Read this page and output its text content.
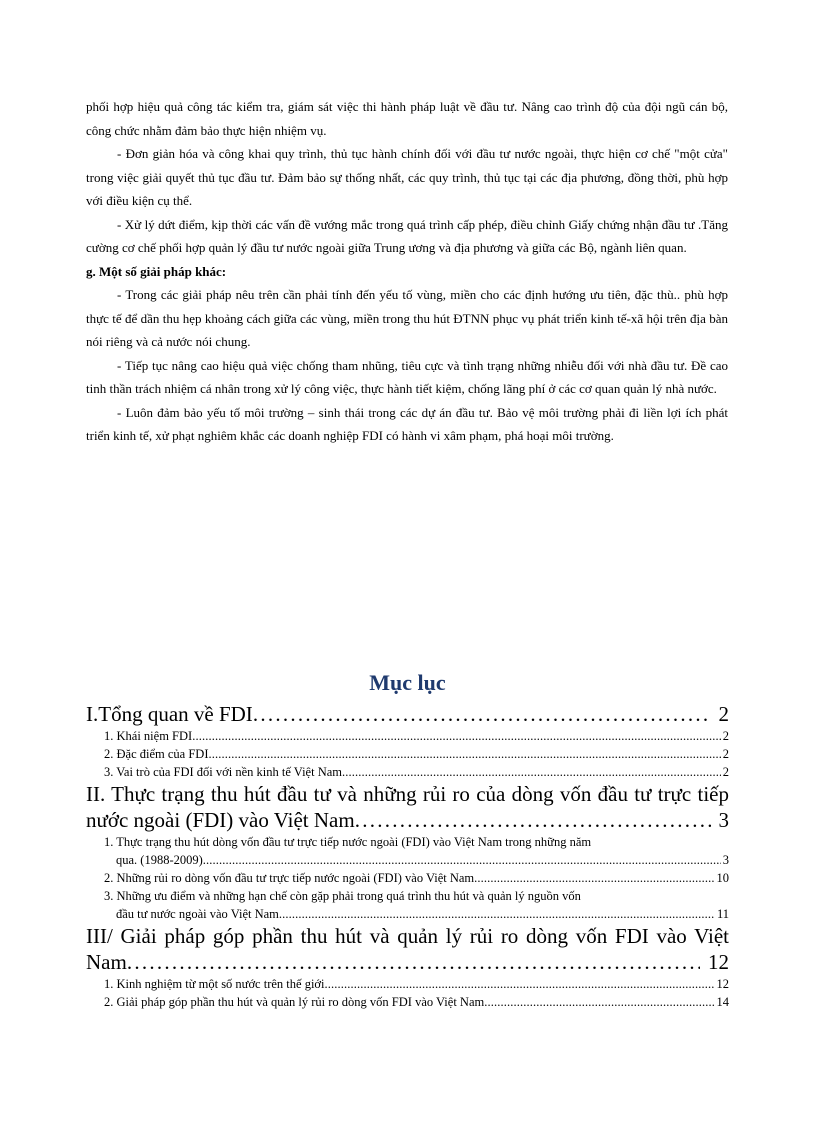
phối hợp hiệu quả công tác kiểm tra, giám sát việc thi hành pháp luật về đầu tư. Nâng cao trình độ của đội ngũ cán bộ, công chức nhằm đảm bảo thực hiện nhiệm vụ.

- Đơn giản hóa và công khai quy trình, thủ tục hành chính đối với đầu tư nước ngoài, thực hiện cơ chế "một cửa" trong việc giải quyết thủ tục đầu tư. Đảm bảo sự thống nhất, các quy trình, thủ tục tại các địa phương, đồng thời, phù hợp với điều kiện cụ thể.

- Xử lý dứt điểm, kịp thời các vấn đề vướng mắc trong quá trình cấp phép, điều chỉnh Giấy chứng nhận đầu tư .Tăng cường cơ chế phối hợp quản lý đầu tư nước ngoài giữa Trung ương và địa phương và giữa các Bộ, ngành liên quan.

g. Một số giải pháp khác:

- Trong các giải pháp nêu trên cần phải tính đến yếu tố vùng, miền cho các định hướng ưu tiên, đặc thù.. phù hợp thực tế để dần thu hẹp khoảng cách giữa các vùng, miền trong thu hút ĐTNN phục vụ phát triển kinh tế-xã hội trên địa bàn nói riêng và cả nước nói chung.

- Tiếp tục nâng cao hiệu quả việc chống tham nhũng, tiêu cực và tình trạng những nhiễu đối với nhà đầu tư. Đề cao tinh thần trách nhiệm cá nhân trong xử lý công việc, thực hành tiết kiệm, chống lãng phí ở các cơ quan quản lý nhà nước.

- Luôn đảm bảo yếu tố môi trường – sinh thái trong các dự án đầu tư. Bảo vệ môi trường phải đi liền lợi ích phát triển kinh tế, xử phạt nghiêm khắc các doanh nghiệp FDI có hành vi xâm phạm, phá hoại môi trường.

Mục lục
I.Tổng quan về FDI . . .	2
1. Khái niệm FDI . . .	2
2. Đặc điểm của FDI . . .	2
3. Vai trò của FDI đối với nền kinh tế Việt Nam . . .	2
II. Thực trạng thu hút đầu tư và những rủi ro của dòng vốn đầu tư trực tiếp
nước ngoài (FDI) vào Việt Nam . . .	3
1. Thực trạng thu hút dòng vốn đầu tư trực tiếp nước ngoài (FDI) vào Việt Nam trong những năm
qua. (1988-2009) . . .	3
2. Những rủi ro dòng vốn đầu tư trực tiếp nước ngoài (FDI) vào Việt Nam . . .	10
3. Những ưu điểm và những hạn chế còn gặp phải trong quá trình thu hút và quản lý nguồn vốn
đầu tư nước ngoài vào Việt Nam . . .	11
III/ Giải pháp góp phần thu hút và quản lý rủi ro dòng vốn FDI vào Việt
Nam . . .	12
1. Kinh nghiệm từ một số nước trên thế giới . . .	12
2. Giải pháp góp phần thu hút và quản lý rủi ro dòng vốn FDI vào Việt Nam . . .	14
